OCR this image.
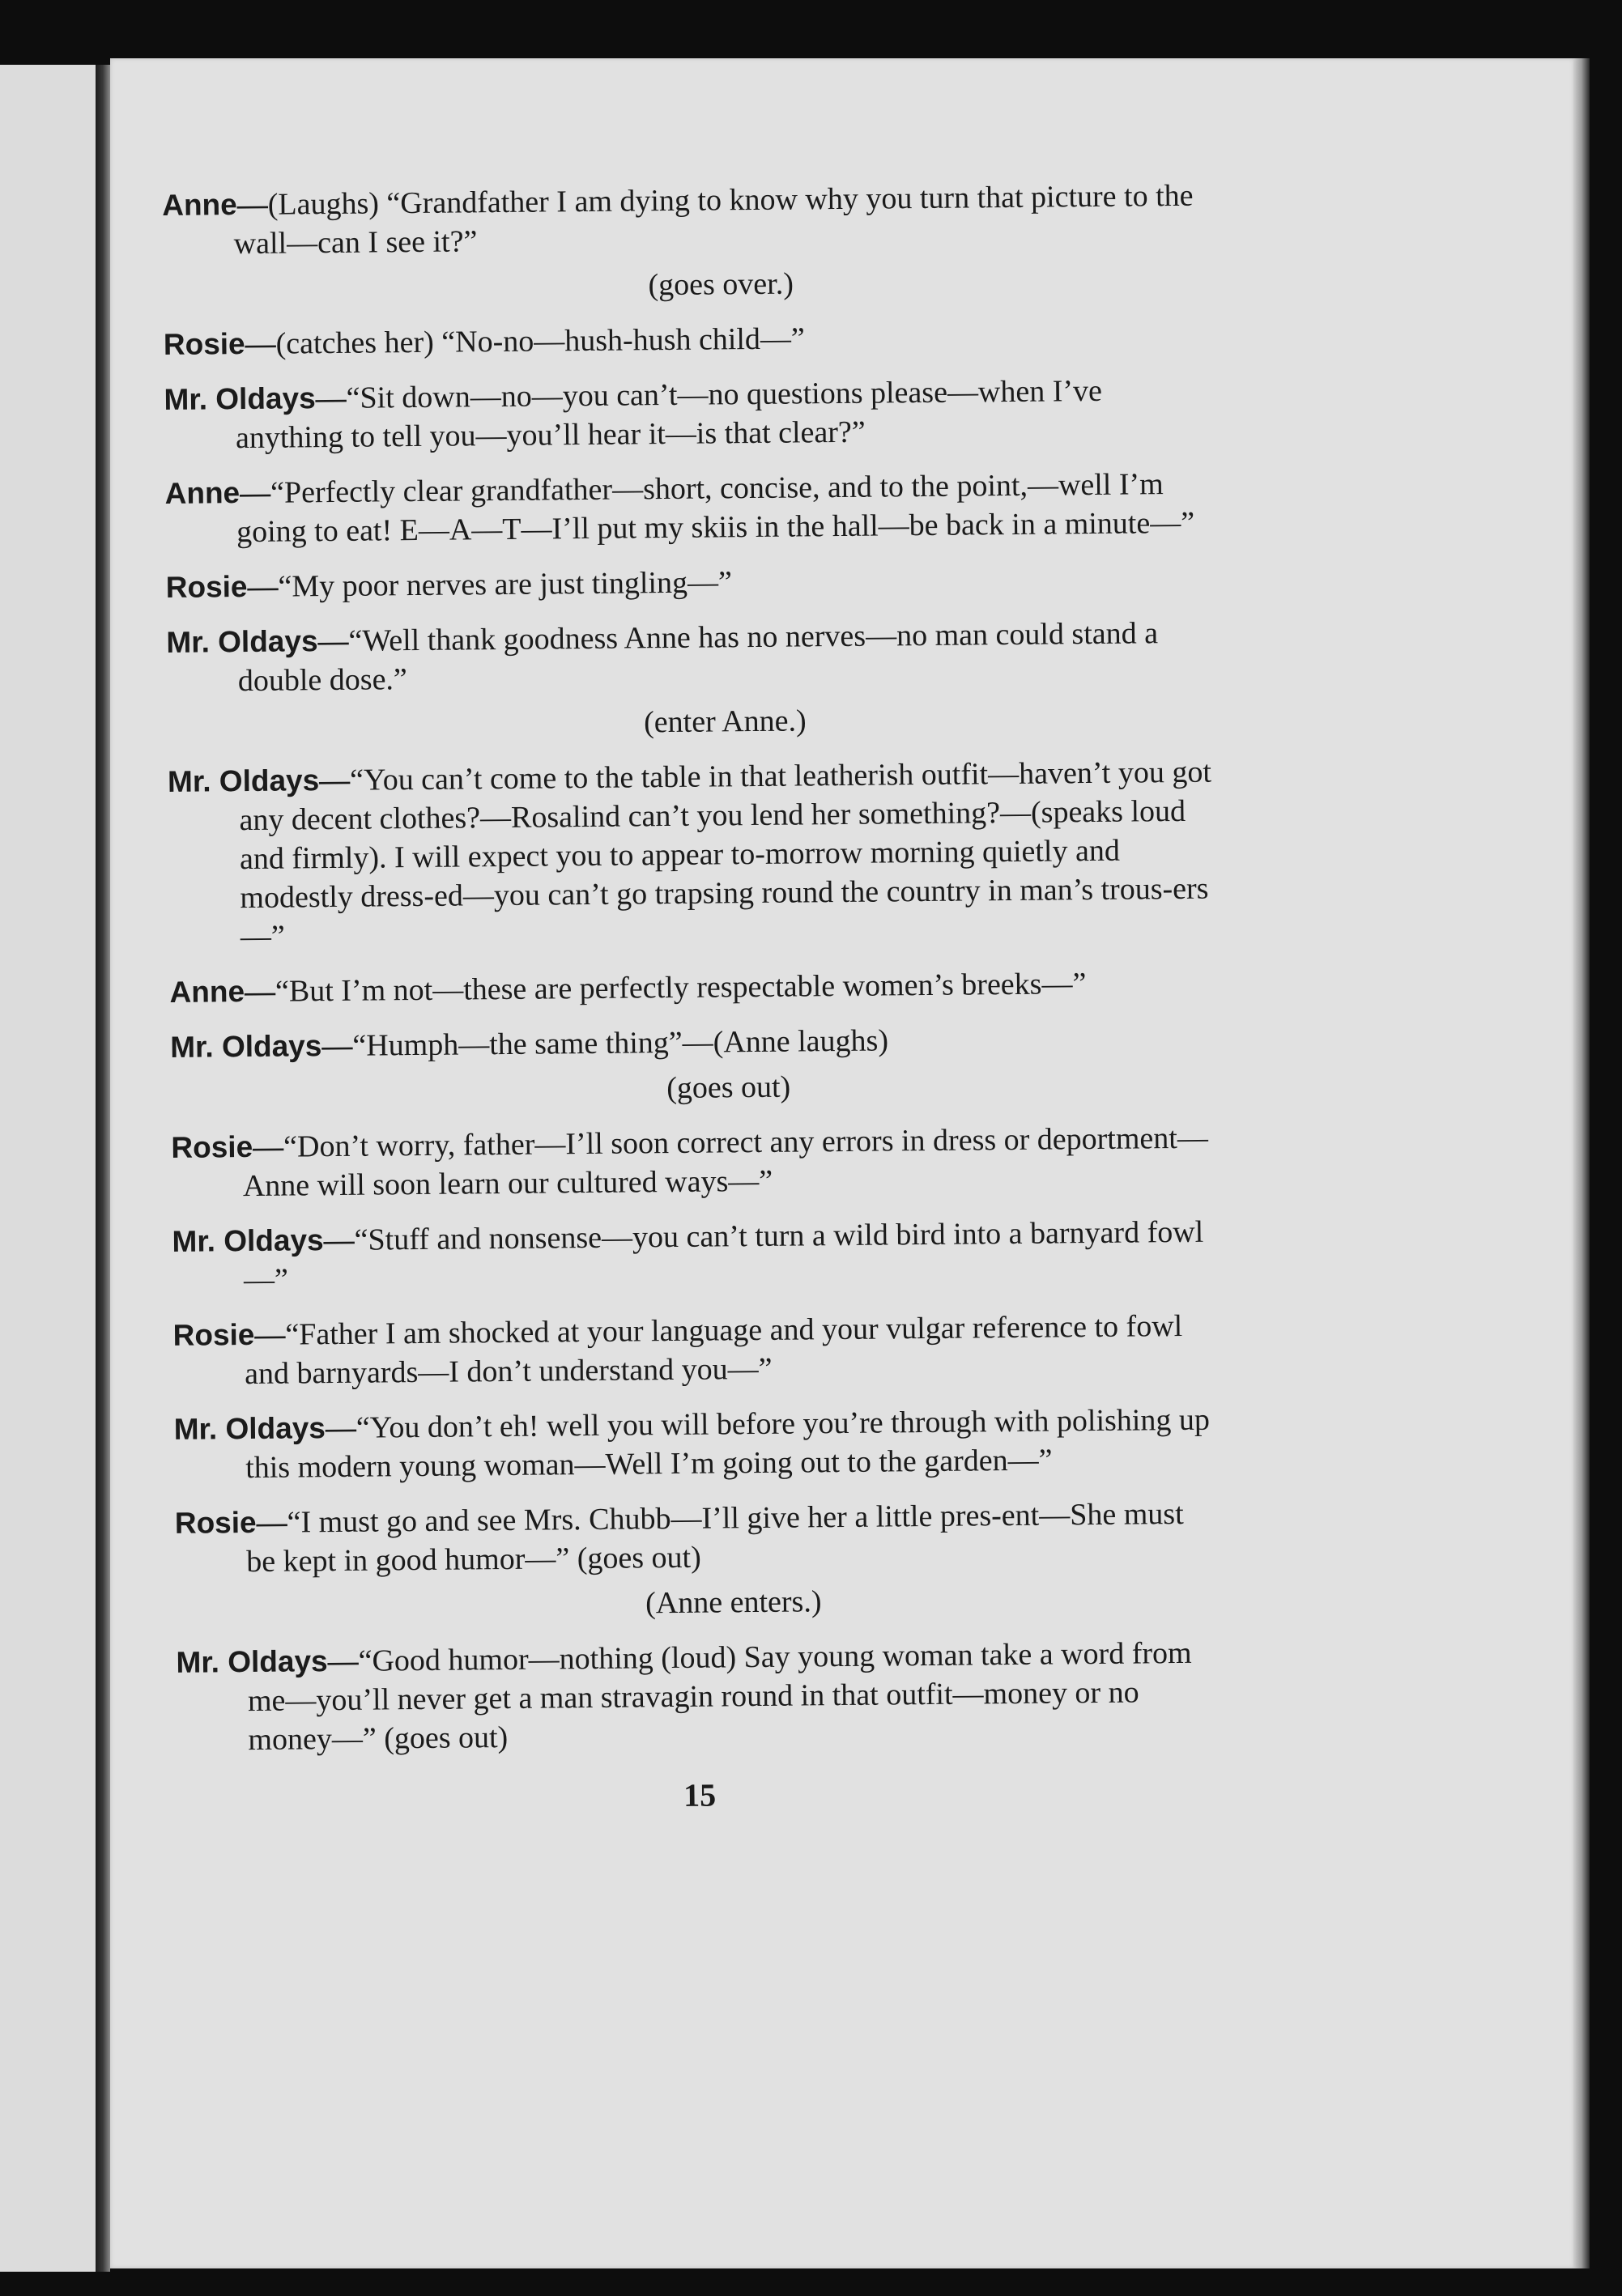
Anne—(Laughs) “Grandfather I am dying to know why you turn that picture to the wall—can I see it?”
(goes over.)
Rosie—(catches her) “No-no—hush-hush child—”
Mr. Oldays—“Sit down—no—you can’t—no questions please—when I’ve anything to tell you—you’ll hear it—is that clear?”
Anne—“Perfectly clear grandfather—short, concise, and to the point,—well I’m going to eat! E—A—T—I’ll put my skiis in the hall—be back in a minute—”
Rosie—“My poor nerves are just tingling—”
Mr. Oldays—“Well thank goodness Anne has no nerves—no man could stand a double dose.”
(enter Anne.)
Mr. Oldays—“You can’t come to the table in that leatherish outfit—haven’t you got any decent clothes?—Rosalind can’t you lend her something?—(speaks loud and firmly). I will expect you to appear to-morrow morning quietly and modestly dress-ed—you can’t go trapsing round the country in man’s trous-ers—”
Anne—“But I’m not—these are perfectly respectable women’s breeks—”
Mr. Oldays—“Humph—the same thing”—(Anne laughs)
(goes out)
Rosie—“Don’t worry, father—I’ll soon correct any errors in dress or deportment—Anne will soon learn our cultured ways—”
Mr. Oldays—“Stuff and nonsense—you can’t turn a wild bird into a barnyard fowl—”
Rosie—“Father I am shocked at your language and your vulgar reference to fowl and barnyards—I don’t understand you—”
Mr. Oldays—“You don’t eh! well you will before you’re through with polishing up this modern young woman—Well I’m going out to the garden—”
Rosie—“I must go and see Mrs. Chubb—I’ll give her a little pres-ent—She must be kept in good humor—” (goes out)
(Anne enters.)
Mr. Oldays—“Good humor—nothing (loud) Say young woman take a word from me—you’ll never get a man stravagin round in that outfit—money or no money—” (goes out)
15
